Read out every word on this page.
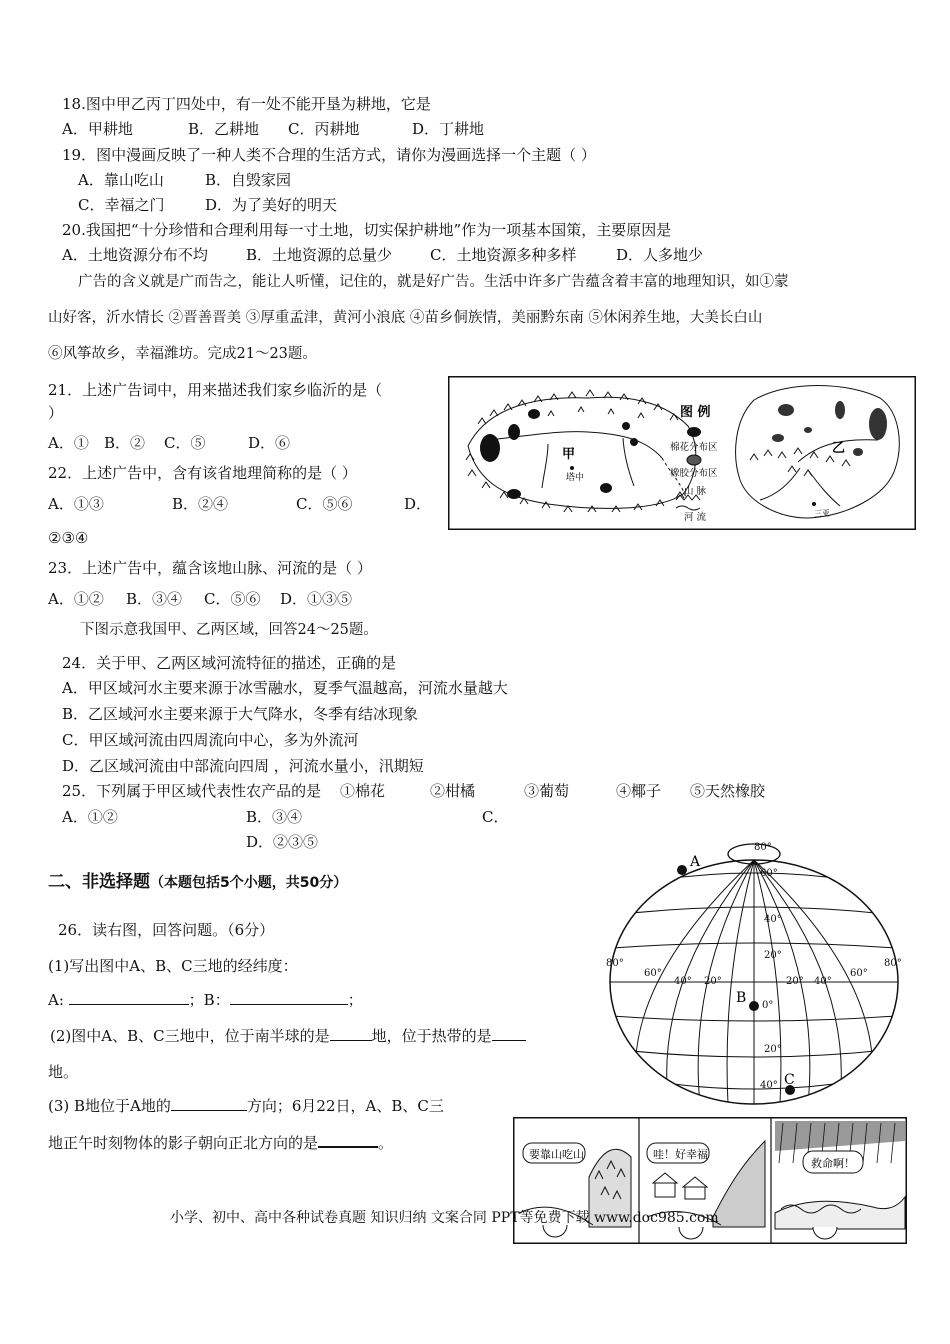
18.图中甲乙丙丁四处中，有一处不能开垦为耕地，它是
A．甲耕地	B．乙耕地 C．丙耕地	D．丁耕地
19．图中漫画反映了一种人类不合理的生活方式，请你为漫画选择一个主题（ ）
A．靠山吃山	B．自毁家园
C．幸福之门	D．为了美好的明天
20.我国把“十分珍惜和合理利用每一寸土地，切实保护耕地”作为一项基本国策，主要原因是
A．土地资源分布不均	B．土地资源的总量少	C．土地资源多种多样	D．人多地少
广告的含义就是广而告之，能让人听懂，记住的，就是好广告。生活中许多广告蕴含着丰富的地理知识，如①蒙
山好客，沂水情长 ②晋善晋美 ③厚重孟津，黄河小浪底 ④苗乡侗族情，美丽黔东南 ⑤休闲养生地，大美长白山
⑥风筝故乡，幸福潍坊。完成21～23题。
21．上述广告词中，用来描述我们家乡临沂的是（
）
A．① B．② C．⑤	D．⑥
22．上述广告中，含有该省地理简称的是（ ）
A．①③	B．②④	C．⑤⑥	D．
②③④
23．上述广告中，蕴含该地山脉、河流的是（ ）
A．①② B．③④ C．⑤⑥ D．①③⑤
下图示意我国甲、乙两区域，回答24～25题。
24．关于甲、乙两区域河流特征的描述，正确的是
A．甲区域河水主要来源于冰雪融水，夏季气温越高，河流水量越大
B．乙区域河水主要来源于大气降水，冬季有结冰现象
C．甲区域河流由四周流向中心，多为外流河
D．乙区域河流由中部流向四周 ，河流水量小，汛期短
25．下列属于甲区域代表性农产品的是 ①棉花	②柑橘	③葡萄	④椰子 ⑤天然橡胶
A．①②	B．③④	C．
D．②③⑤
二、非选择题（本题包括5个小题，共50分）
26．读右图，回答问题。（6分）
(1)写出图中A、B、C三地的经纬度：
A:	；B：	；
(2)图中A、B、C三地中，位于南半球的是	地，位于热带的是
地。
(3) B地位于A地的	方向；6月22日，A、B、C三
地正午时刻物体的影子朝向正北方向的是	。
甲
塔中
图 例
棉花分布区
橡胶分布区
山 脉
河 流
乙
三亚
80°
60°
40°
20°
0°
20°
40°
80°
60°
40° 20°	20° 40°
60°
80°
A
B
C
要靠山吃山	哇！好幸福
救命啊！
小学、初中、高中各种试卷真题 知识归纳 文案合同 PPT等免费下载 www.doc985.com
